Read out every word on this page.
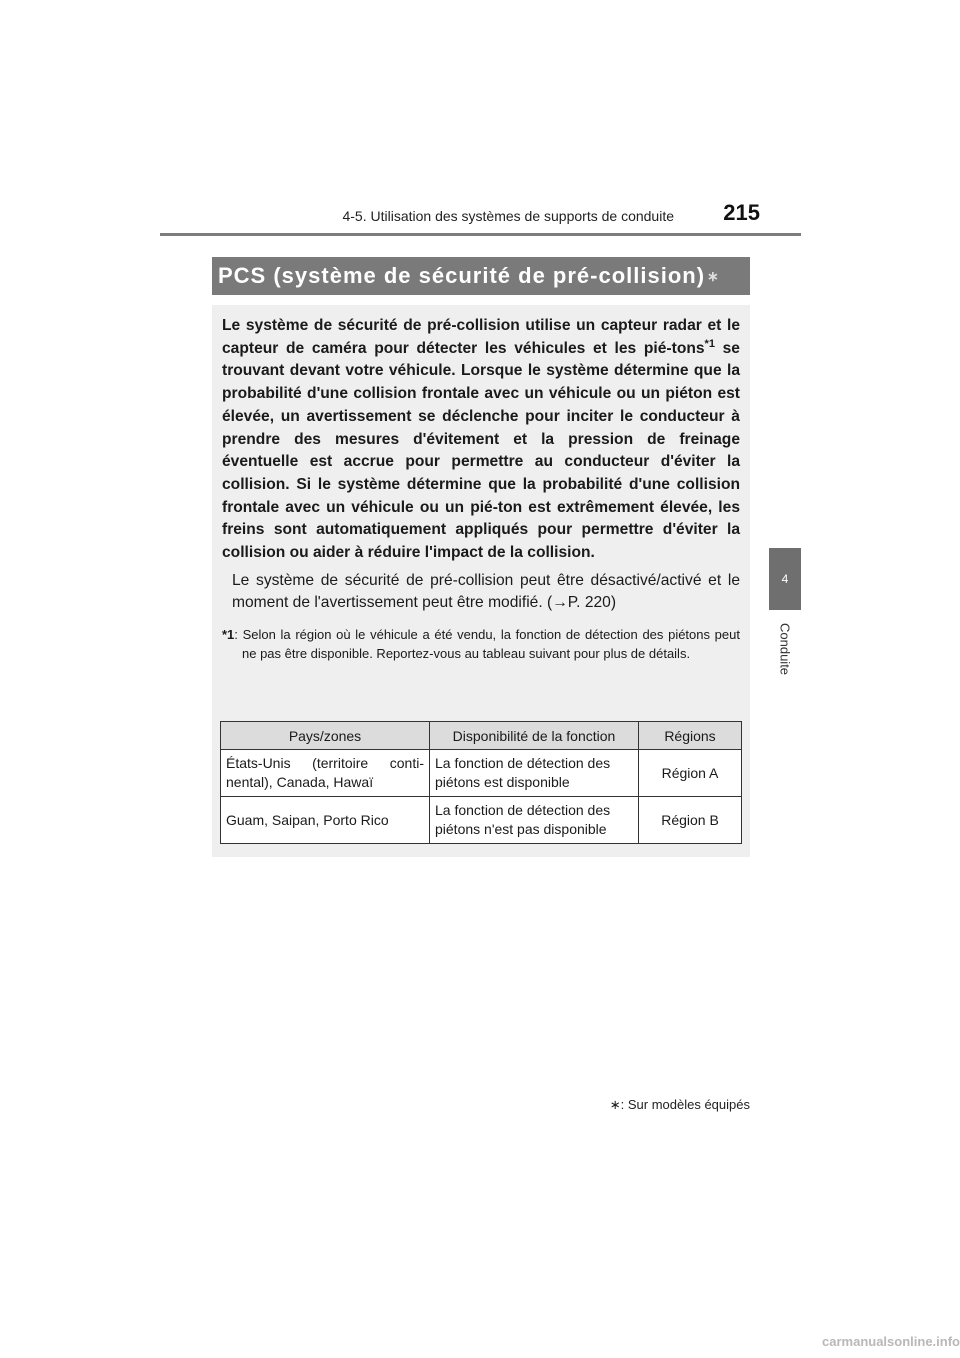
4-5. Utilisation des systèmes de supports de conduite	215
4
Conduite
PCS (système de sécurité de pré-collision) ∗

Le système de sécurité de pré-collision utilise un capteur radar et le capteur de caméra pour détecter les véhicules et les pié-tons$^{*1}$ se trouvant devant votre véhicule. Lorsque le système détermine que la probabilité d'une collision frontale avec un véhicule ou un piéton est élevée, un avertissement se déclenche pour inciter le conducteur à prendre des mesures d'évitement et la pression de freinage éventuelle est accrue pour permettre au conducteur d'éviter la collision. Si le système détermine que la probabilité d'une collision frontale avec un véhicule ou un pié-ton est extrêmement élevée, les freins sont automatiquement appliqués pour permettre d'éviter la collision ou aider à réduire l'impact de la collision.

Le système de sécurité de pré-collision peut être désactivé/activé et le moment de l'avertissement peut être modifié. (→P. 220)

*1: Selon la région où le véhicule a été vendu, la fonction de détection des piétons peut ne pas être disponible. Reportez-vous au tableau suivant pour plus de détails.

Pays/zones	Disponibilité de la fonction	Régions
États-Unis (territoire conti-nental), Canada, Hawaï	La fonction de détection des piétons est disponible	Région A
Guam, Saipan, Porto Rico	La fonction de détection des piétons n'est pas disponible	Région B
∗: Sur modèles équipés
carmanualsonline.info
